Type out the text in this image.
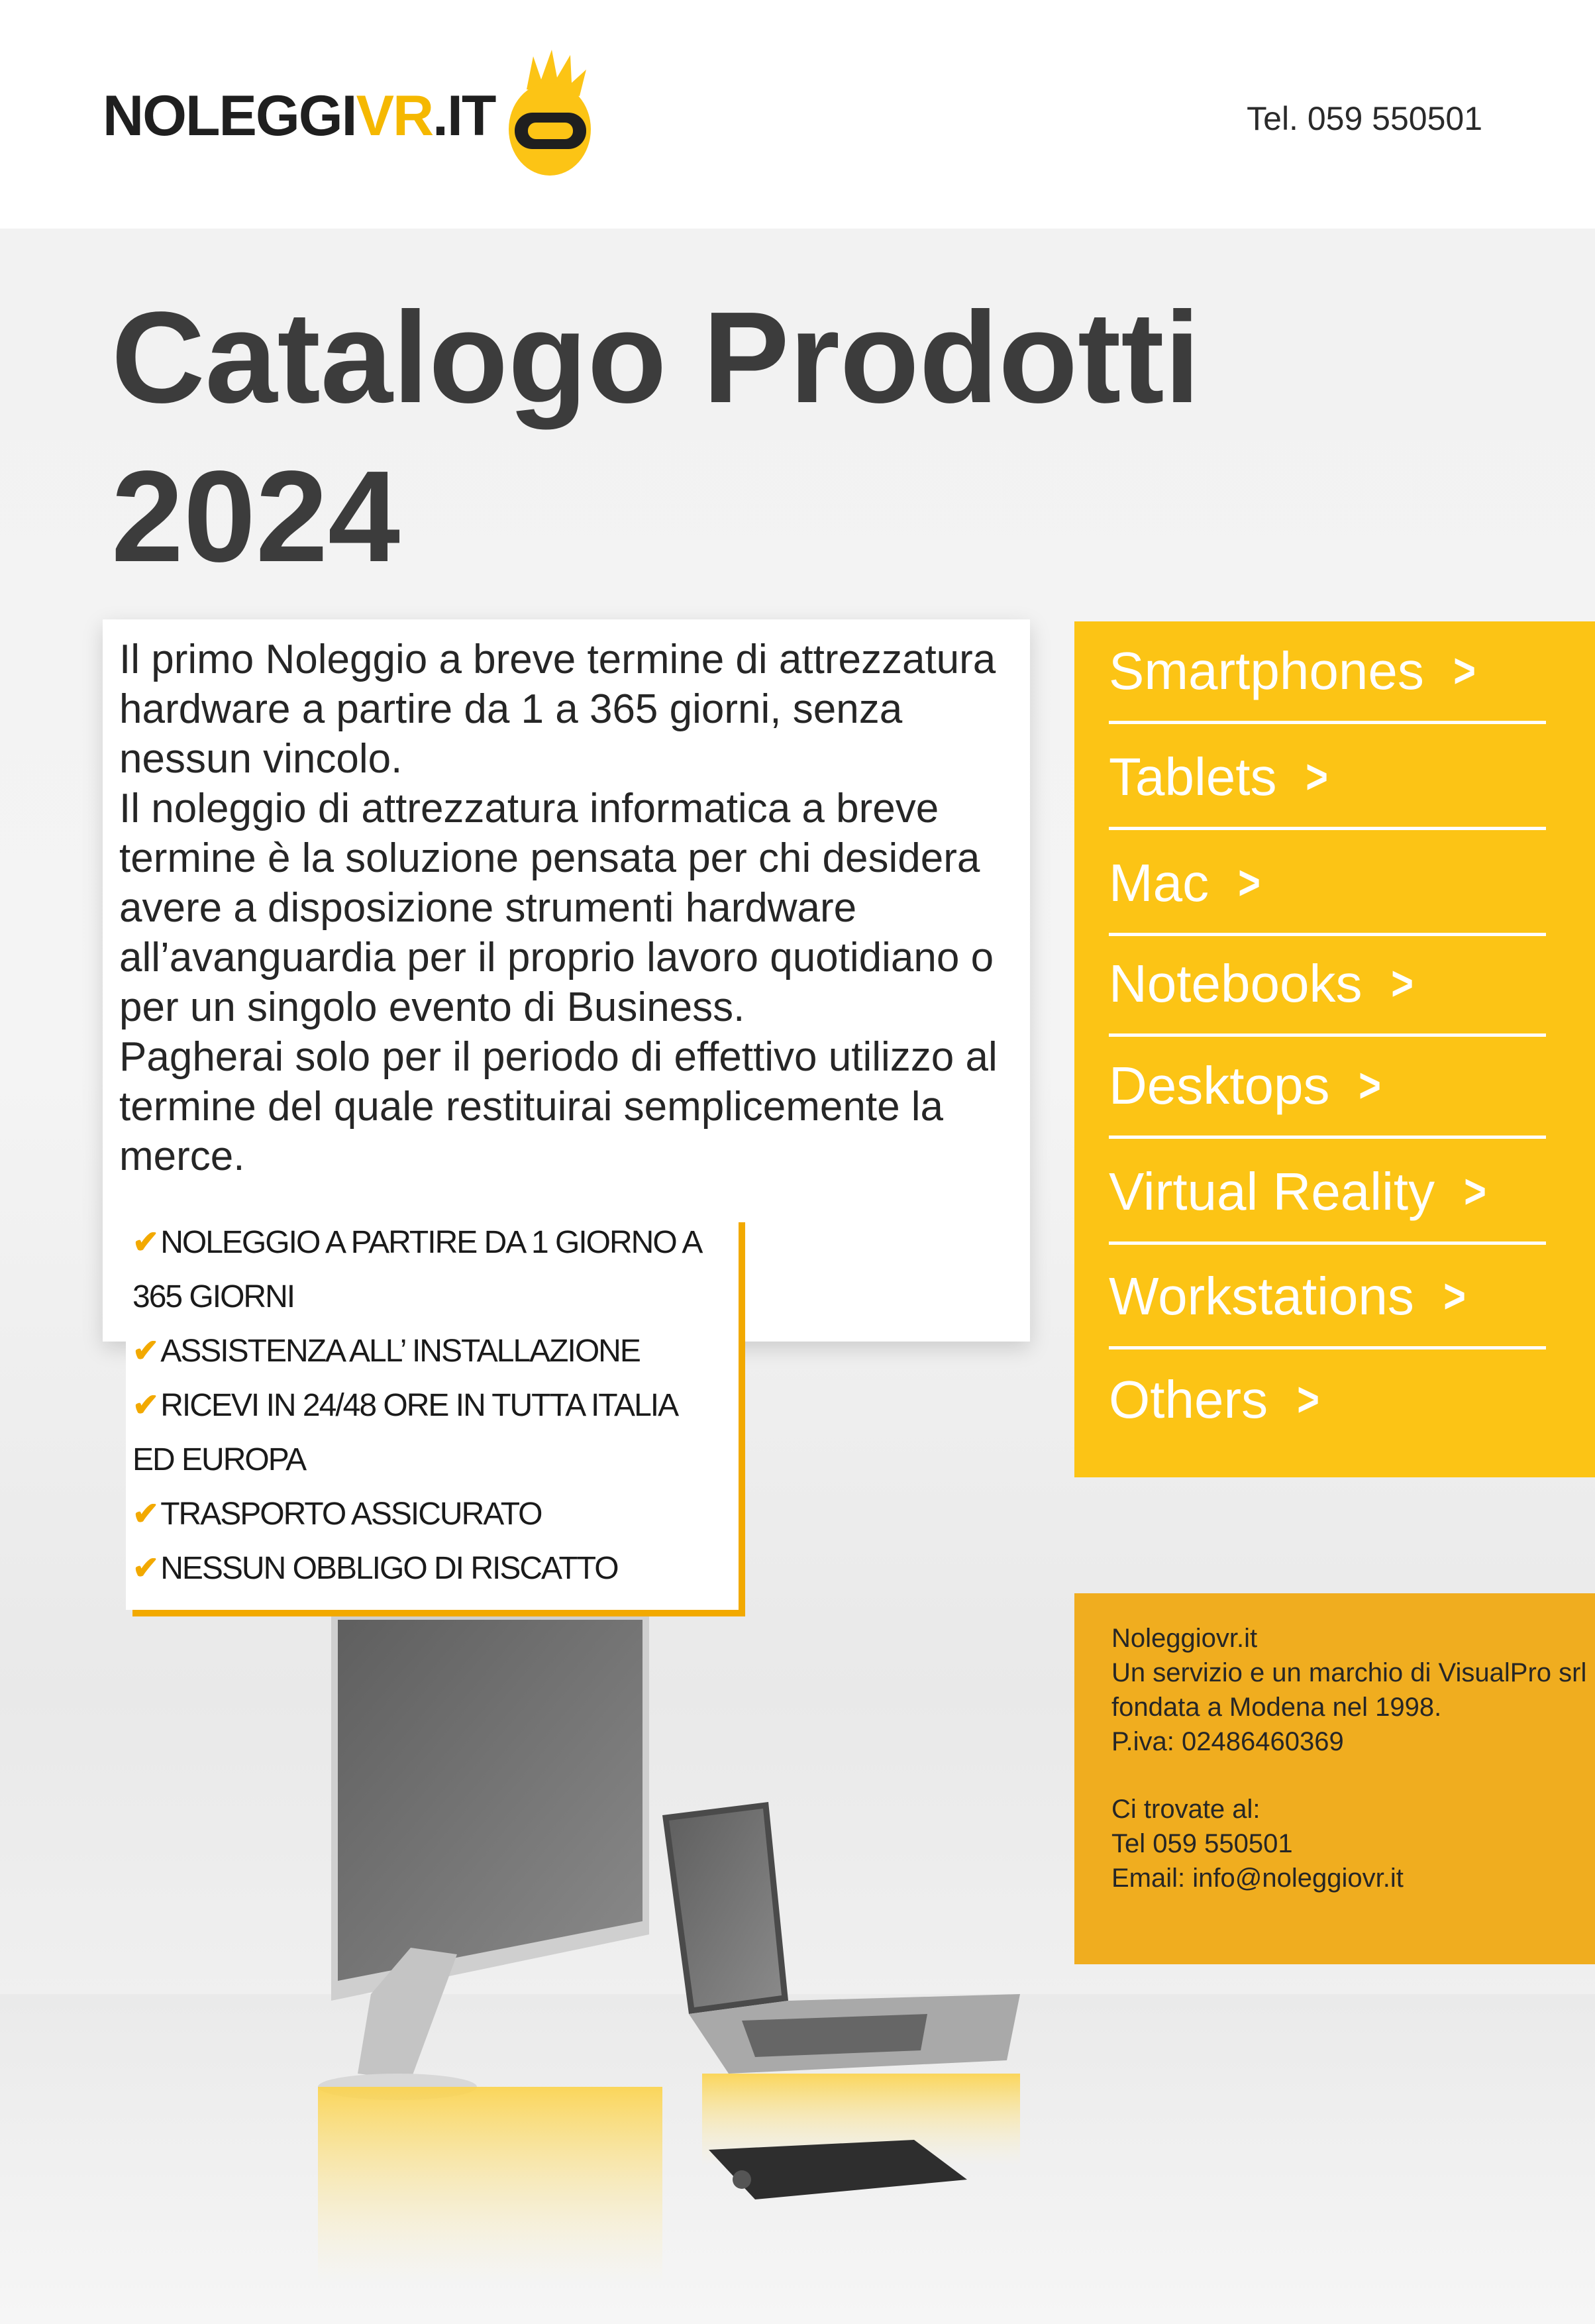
NOLEGGIVR.IT	Tel. 059 550501
Catalogo Prodotti
2024
Il primo Noleggio a breve termine di attrezzatura hardware a partire da 1 a 365 giorni, senza nessun vincolo.
Il noleggio di attrezzatura informatica a breve termine è la soluzione pensata per chi desidera avere a disposizione strumenti hardware all’avanguardia per il proprio lavoro quotidiano o per un singolo evento di Business.
Pagherai solo per il periodo di effettivo utilizzo al termine del quale restituirai semplicemente la merce.
✔NOLEGGIO A PARTIRE DA 1 GIORNO A
365 GIORNI
✔ASSISTENZA ALL’ INSTALLAZIONE
✔RICEVI IN 24/48 ORE IN TUTTA ITALIA
ED EUROPA
✔TRASPORTO ASSICURATO
✔NESSUN OBBLIGO DI RISCATTO
Smartphones >
Tablets >
Mac >
Notebooks >
Desktops >
Virtual Reality >
Workstations >
Others >
Noleggiovr.it
Un servizio e un marchio di VisualPro srl
fondata a Modena nel 1998.
P.iva: 02486460369
Ci trovate al:
Tel 059 550501
Email: info@noleggiovr.it
